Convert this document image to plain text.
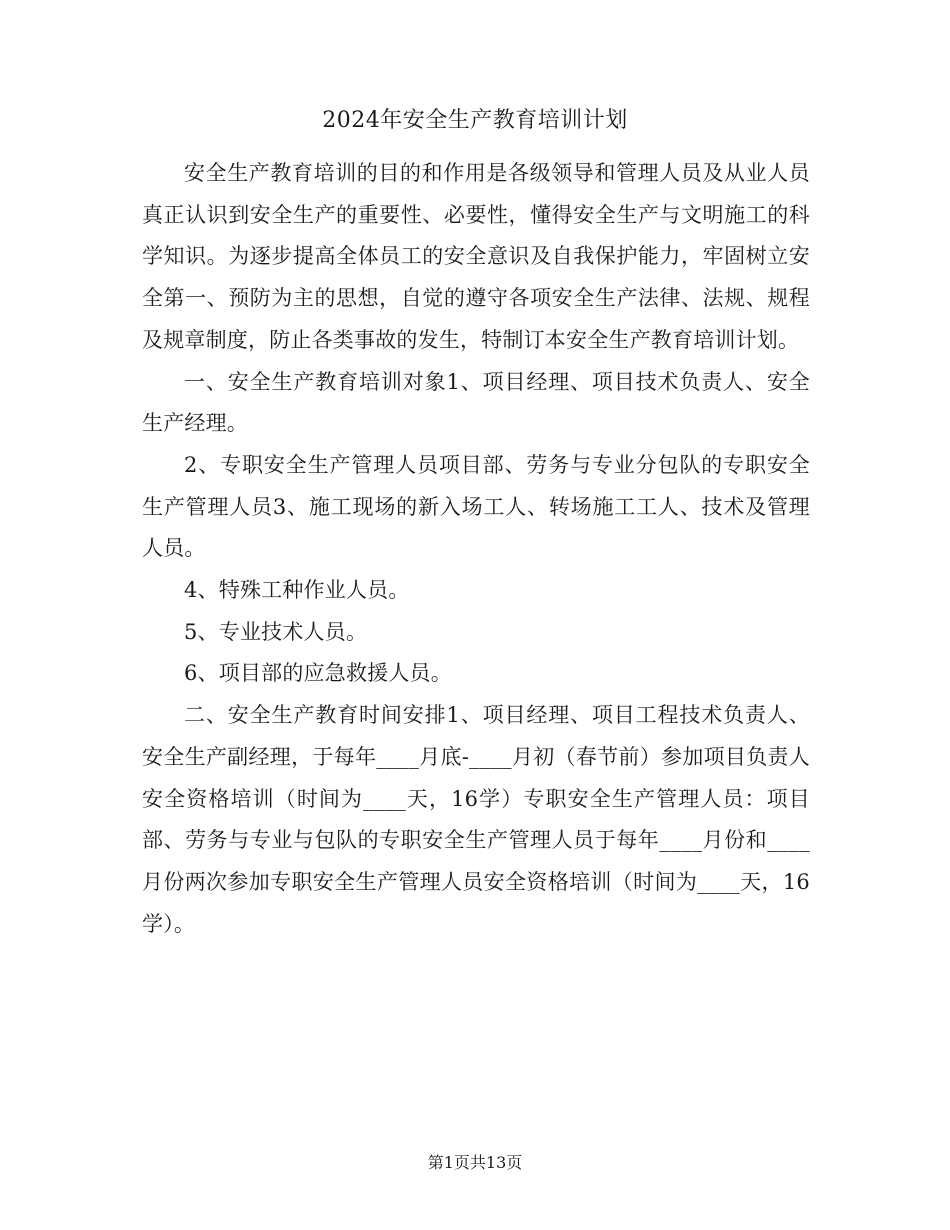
2024年安全生产教育培训计划

安全生产教育培训的目的和作用是各级领导和管理人员及从业人员真正认识到安全生产的重要性、必要性，懂得安全生产与文明施工的科学知识。为逐步提高全体员工的安全意识及自我保护能力，牢固树立安全第一、预防为主的思想，自觉的遵守各项安全生产法律、法规、规程及规章制度，防止各类事故的发生，特制订本安全生产教育培训计划。

一、安全生产教育培训对象1、项目经理、项目技术负责人、安全生产经理。

2、专职安全生产管理人员项目部、劳务与专业分包队的专职安全生产管理人员3、施工现场的新入场工人、转场施工工人、技术及管理人员。

4、特殊工种作业人员。

5、专业技术人员。

6、项目部的应急救援人员。

二、安全生产教育时间安排1、项目经理、项目工程技术负责人、安全生产副经理，于每年____月底-____月初（春节前）参加项目负责人安全资格培训（时间为____天，16学）专职安全生产管理人员：项目部、劳务与专业与包队的专职安全生产管理人员于每年____月份和____月份两次参加专职安全生产管理人员安全资格培训（时间为____天，16学）。

第1页共13页
